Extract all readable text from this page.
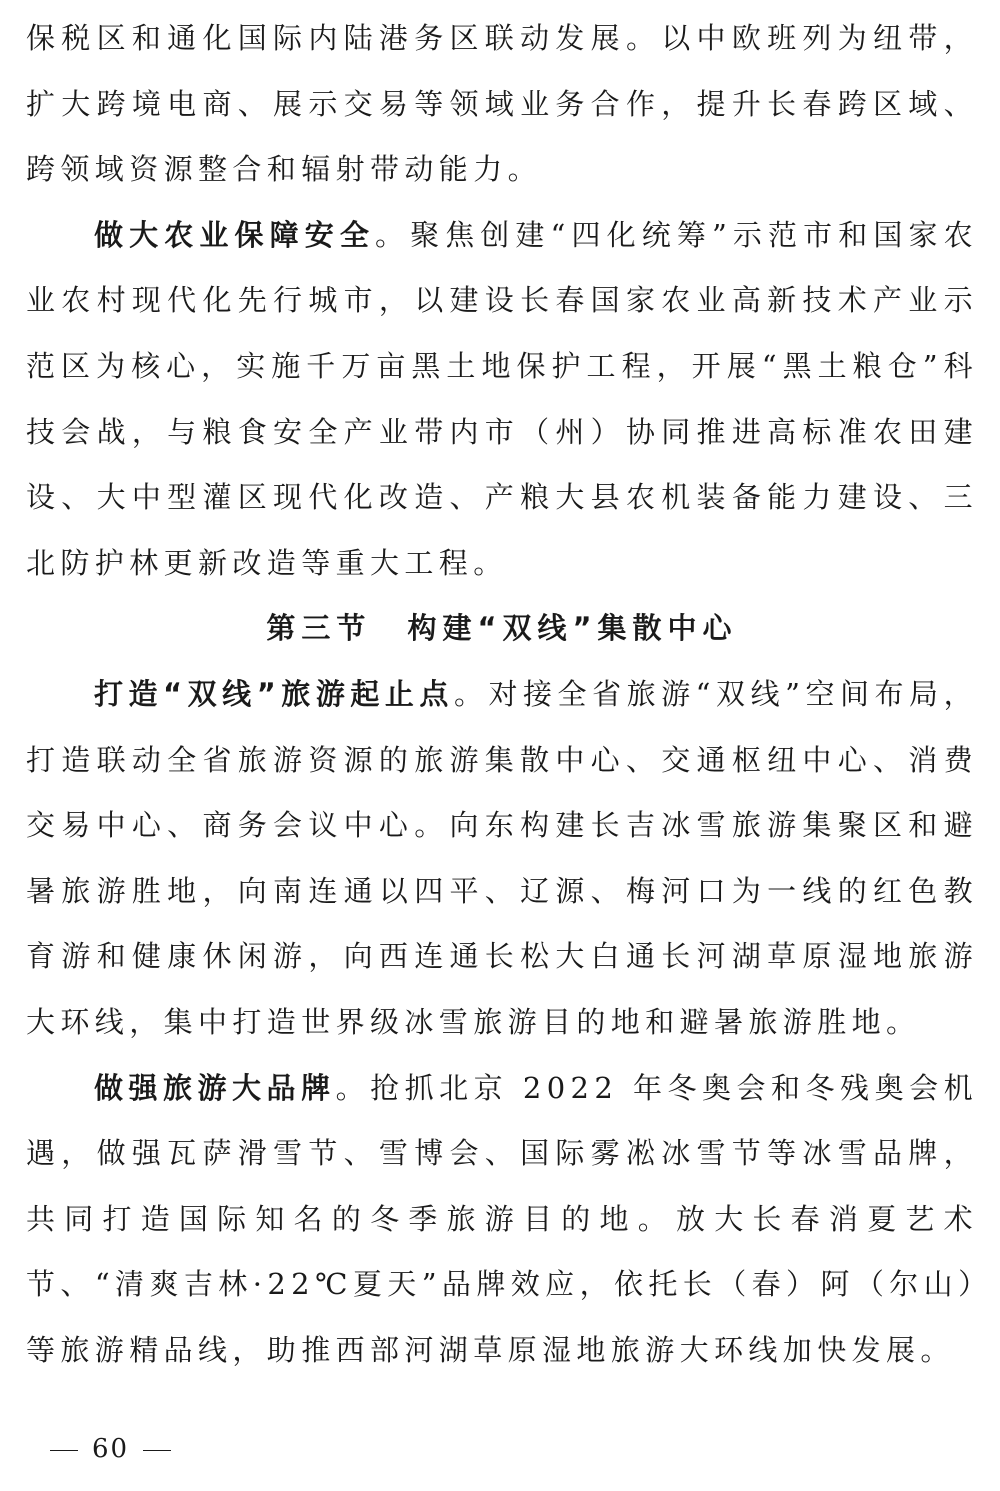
保税区和通化国际内陆港务区联动发展。以中欧班列为纽带，扩大跨境电商、展示交易等领域业务合作，提升长春跨区域、跨领域资源整合和辐射带动能力。

做大农业保障安全。聚焦创建“四化统筹”示范市和国家农业农村现代化先行城市，以建设长春国家农业高新技术产业示范区为核心，实施千万亩黑土地保护工程，开展“黑土粮仓”科技会战，与粮食安全产业带内市（州）协同推进高标准农田建设、大中型灌区现代化改造、产粮大县农机装备能力建设、三北防护林更新改造等重大工程。

第三节 构建“双线”集散中心

打造“双线”旅游起止点。对接全省旅游“双线”空间布局，打造联动全省旅游资源的旅游集散中心、交通枢纽中心、消费交易中心、商务会议中心。向东构建长吉冰雪旅游集聚区和避暑旅游胜地，向南连通以四平、辽源、梅河口为一线的红色教育游和健康休闲游，向西连通长松大白通长河湖草原湿地旅游大环线，集中打造世界级冰雪旅游目的地和避暑旅游胜地。

做强旅游大品牌。抢抓北京 2022 年冬奥会和冬残奥会机遇，做强瓦萨滑雪节、雪博会、国际雾凇冰雪节等冰雪品牌，共同打造国际知名的冬季旅游目的地。放大长春消夏艺术节、“清爽吉林·22℃夏天”品牌效应，依托长（春）阿（尔山）等旅游精品线，助推西部河湖草原湿地旅游大环线加快发展。

60
